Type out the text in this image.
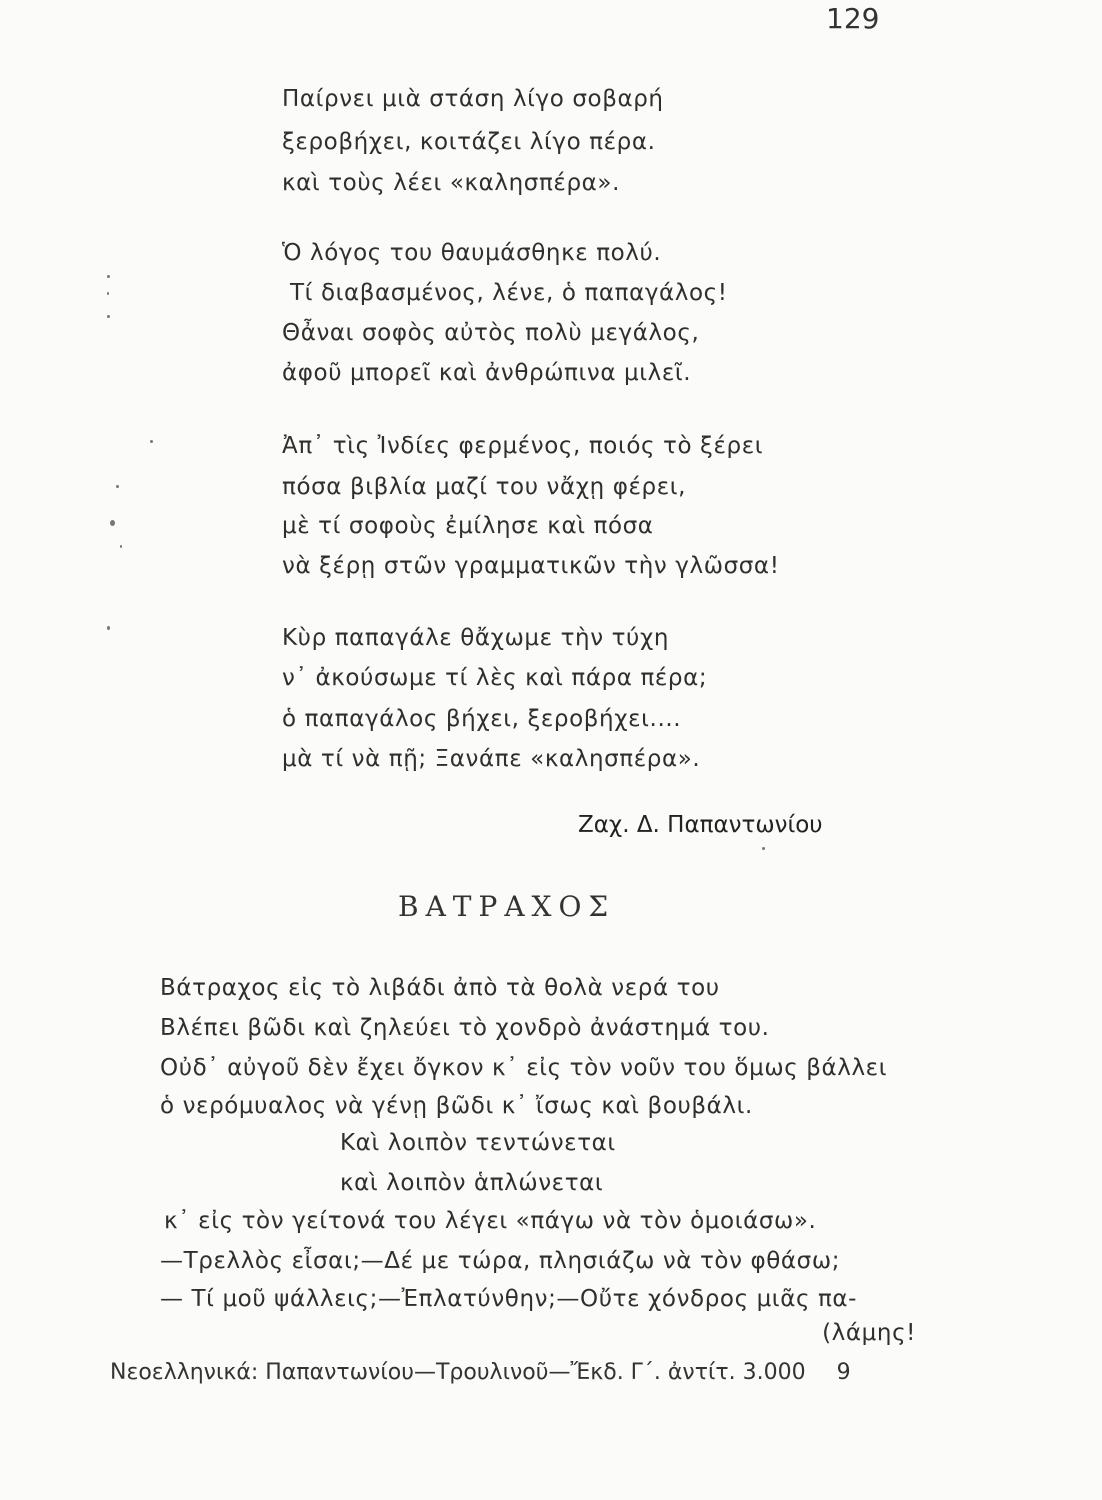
129
Παίρνει μιὰ στάση λίγο σοβαρή
ξεροβήχει, κοιτάζει λίγο πέρα.
καὶ τοὺς λέει «καλησπέρα».
Ὁ λόγος του θαυμάσθηκε πολύ.
Τί διαβασμένος, λένε, ὁ παπαγάλος!
Θἆναι σοφὸς αὐτὸς πολὺ μεγάλος,
ἀφοῦ μπορεῖ καὶ ἀνθρώπινα μιλεῖ.
Ἀπ᾿ τὶς Ἰνδίες φερμένος, ποιός τὸ ξέρει
πόσα βιβλία μαζί του νἄχῃ φέρει,
μὲ τί σοφοὺς ἐμίλησε καὶ πόσα
νὰ ξέρῃ στῶν γραμματικῶν τὴν γλῶσσα!
Κὺρ παπαγάλε θἄχωμε τὴν τύχη
ν᾿ ἀκούσωμε τί λὲς καὶ πάρα πέρα;
ὁ παπαγάλος βήχει, ξεροβήχει....
μὰ τί νὰ πῇ; Ξανάπε «καλησπέρα».
Ζαχ. Δ. Παπαντωνίου
ΒΑΤΡΑΧΟΣ
Βάτραχος εἰς τὸ λιβάδι ἀπὸ τὰ θολὰ νερά του
Βλέπει βῶδι καὶ ζηλεύει τὸ χονδρὸ ἀνάστημά του.
Οὐδ᾿ αὐγοῦ δὲν ἔχει ὄγκον κ᾿ εἰς τὸν νοῦν του ὅμως βάλλει
ὁ νερόμυαλος νὰ γένῃ βῶδι κ᾿ ἴσως καὶ βουβάλι.
Καὶ λοιπὸν τεντώνεται
καὶ λοιπὸν ἁπλώνεται
κ᾿ εἰς τὸν γείτονά του λέγει «πάγω νὰ τὸν ὁμοιάσω».
—Τρελλὸς εἶσαι;—Δέ με τώρα, πλησιάζω νὰ τὸν φθάσω;
— Τί μοῦ ψάλλεις;—Ἐπλατύνθην;—Οὔτε χόνδρος μιᾶς πα-
(λάμης!
Νεοελληνικά: Παπαντωνίου—Τρουλινοῦ—Ἔκδ. Γ΄. ἀντίτ. 3.000 9
